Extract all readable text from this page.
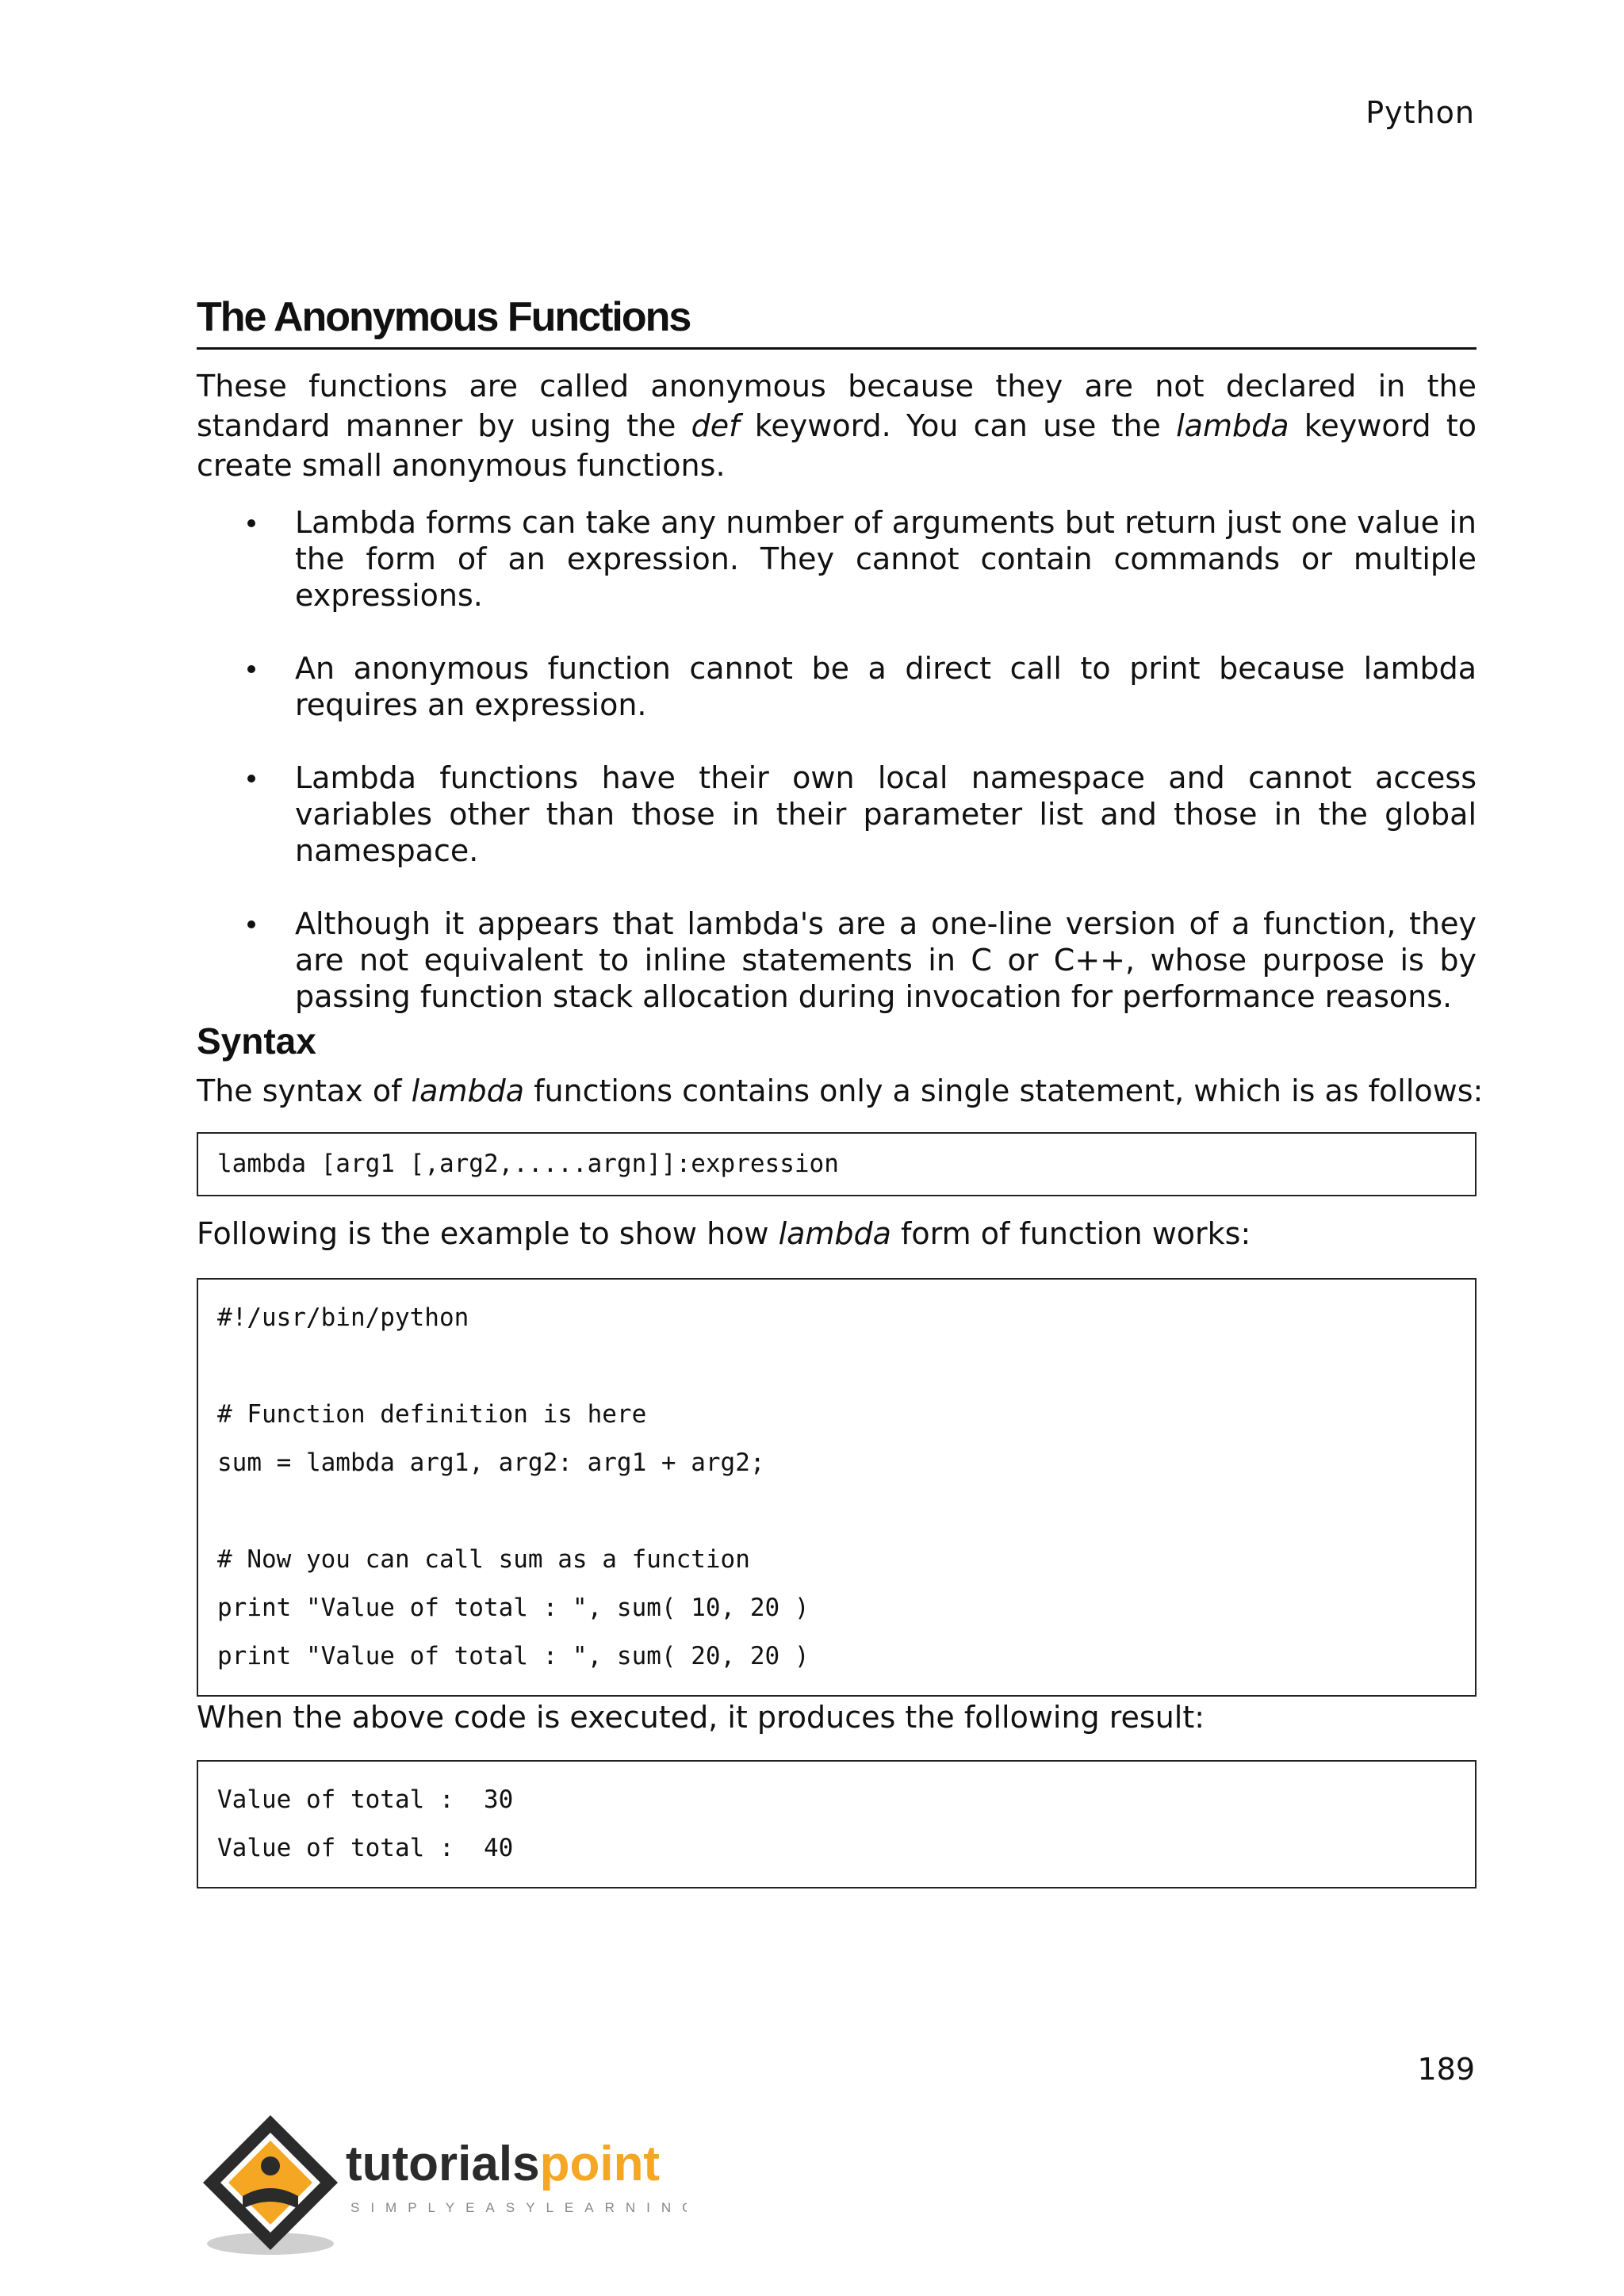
Python
The Anonymous Functions

These functions are called anonymous because they are not declared in the standard manner by using the def keyword. You can use the lambda keyword to create small anonymous functions.

Lambda forms can take any number of arguments but return just one value in the form of an expression. They cannot contain commands or multiple expressions.
An anonymous function cannot be a direct call to print because lambda requires an expression.
Lambda functions have their own local namespace and cannot access variables other than those in their parameter list and those in the global namespace.
Although it appears that lambda's are a one-line version of a function, they are not equivalent to inline statements in C or C++, whose purpose is by passing function stack allocation during invocation for performance reasons.
Syntax

The syntax of lambda functions contains only a single statement, which is as follows:

lambda [arg1 [,arg2,.....argn]]:expression

Following is the example to show how lambda form of function works:

#!/usr/bin/python
# Function definition is here
sum = lambda arg1, arg2: arg1 + arg2;
# Now you can call sum as a function
print "Value of total : ", sum( 10, 20 )
print "Value of total : ", sum( 20, 20 )

When the above code is executed, it produces the following result:

Value of total :  30
Value of total :  40
189
tutorialspoint
SIMPLYEASYLEARNING
